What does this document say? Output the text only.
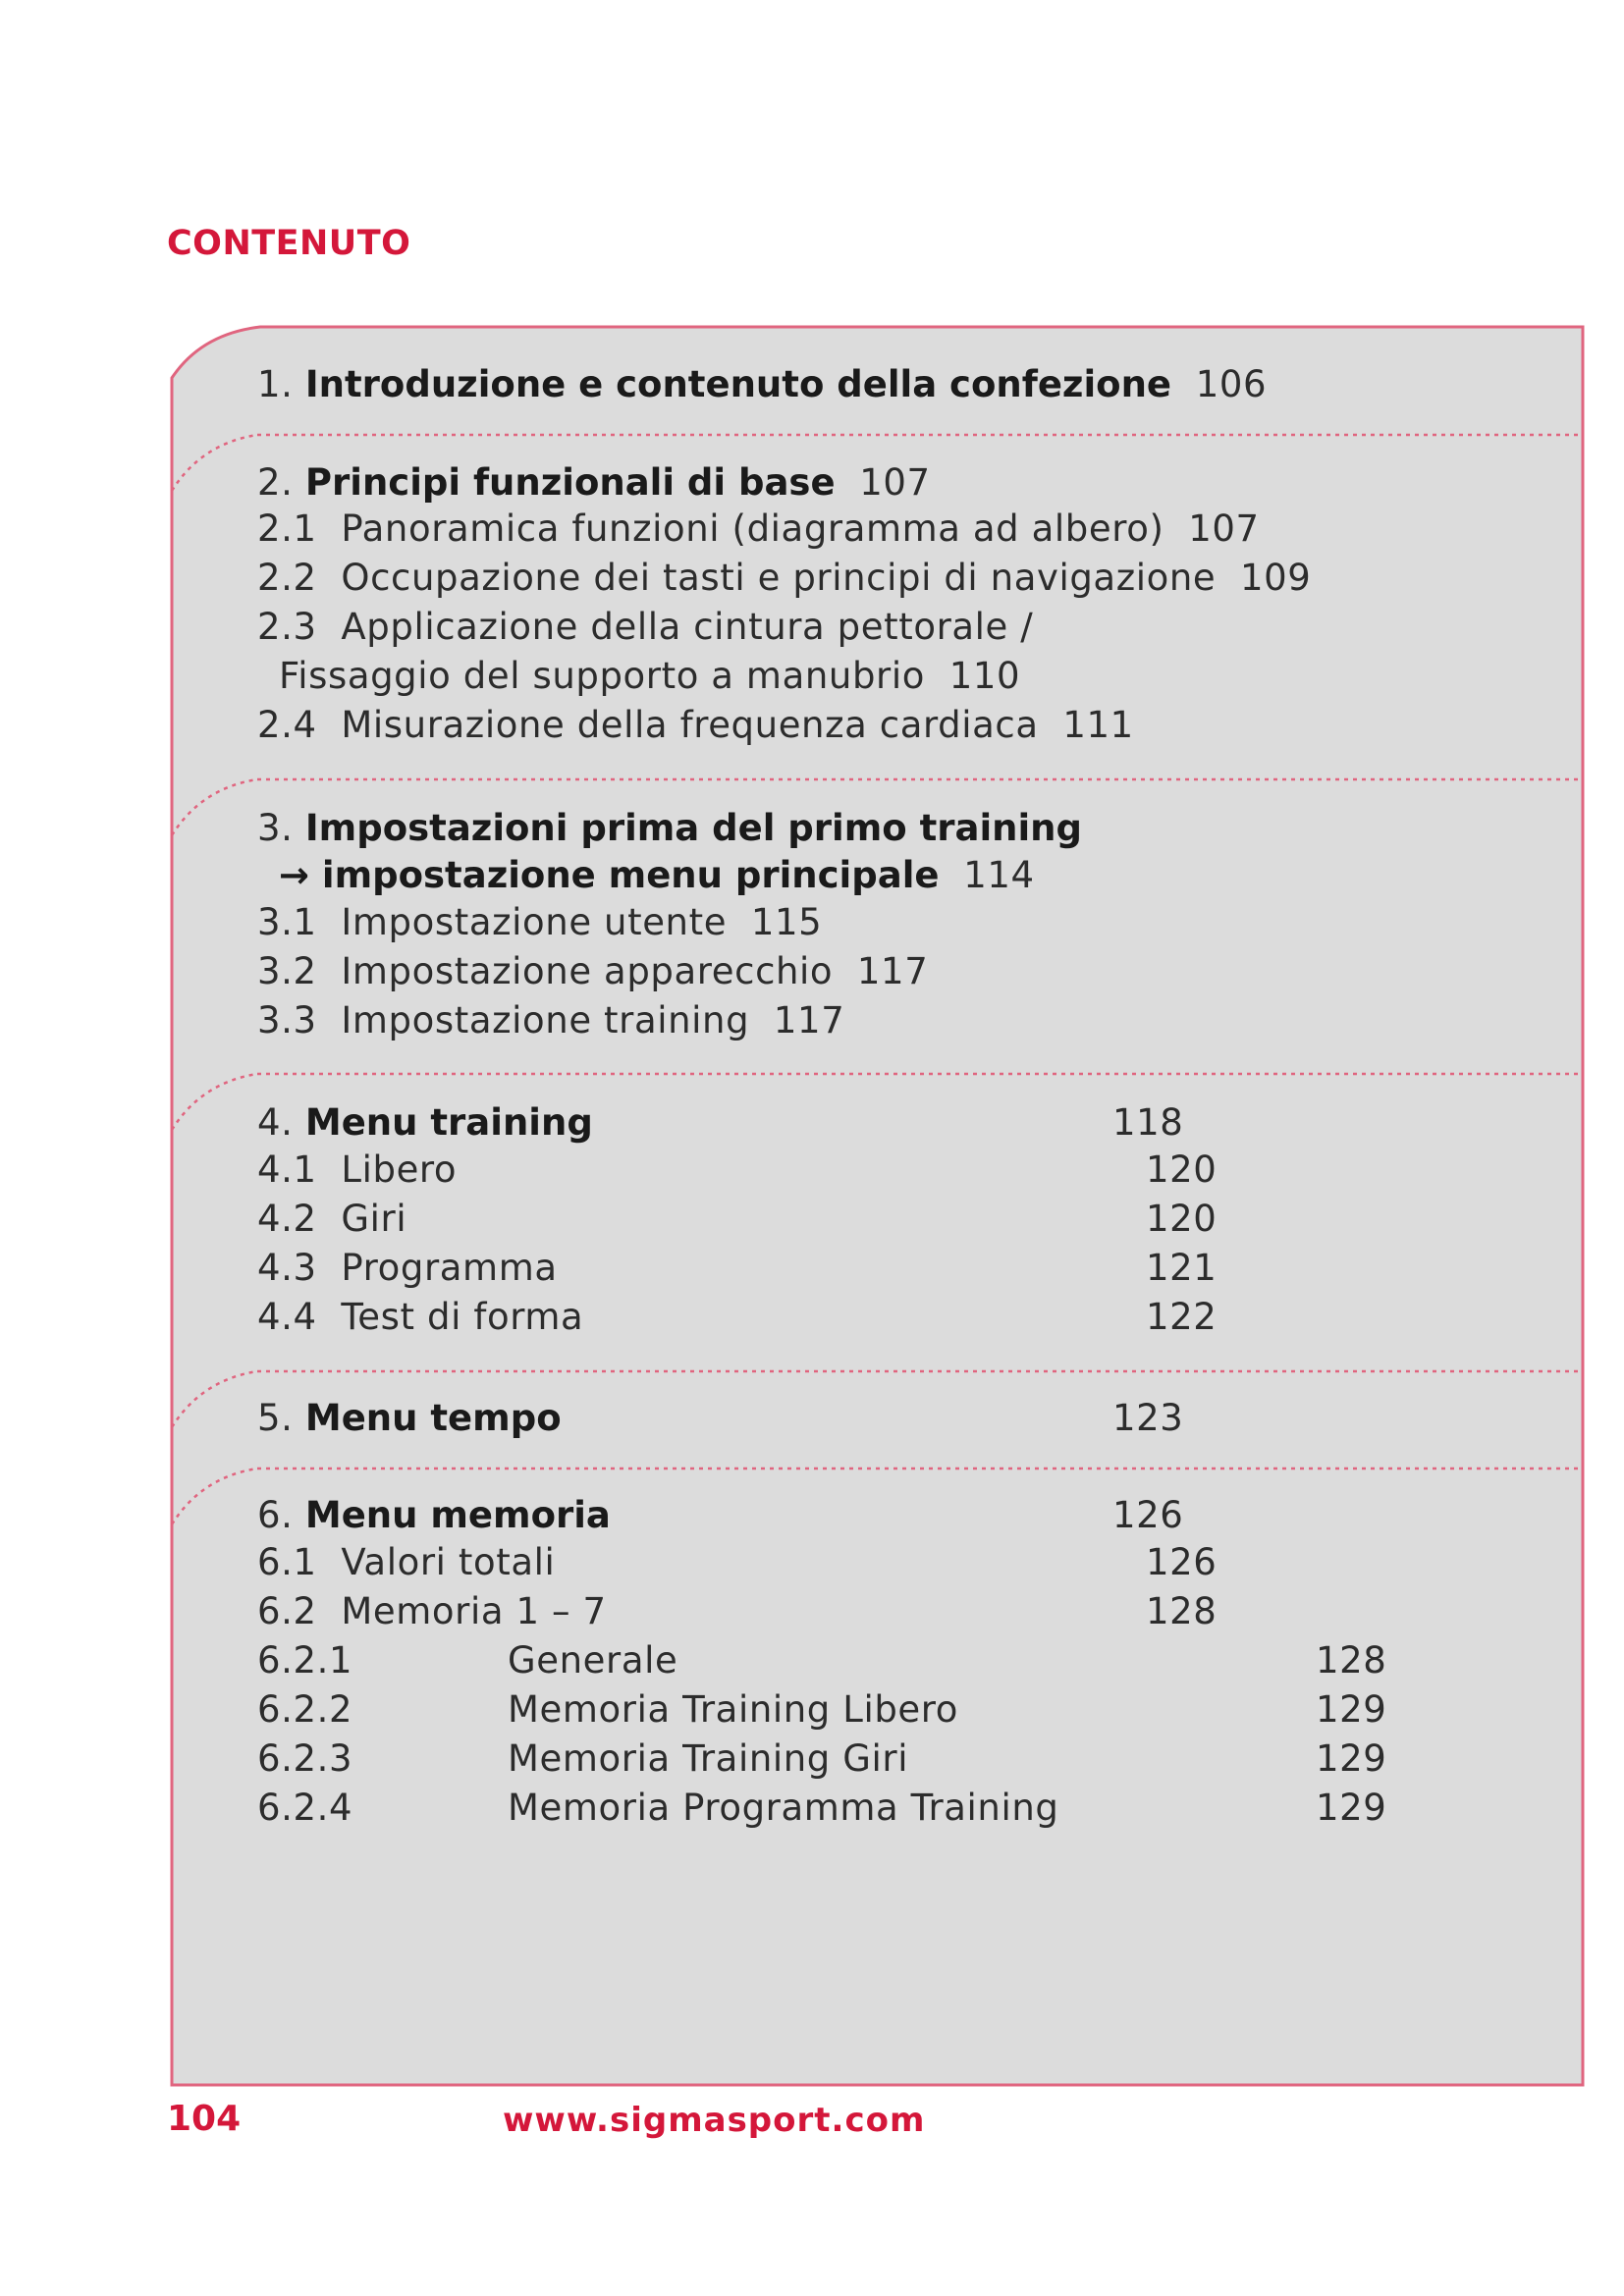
CONTENUTO
1. Introduzione e contenuto della confezione 106
2. Principi funzionali di base 107
2.1 Panoramica funzioni (diagramma ad albero) 107
2.2 Occupazione dei tasti e principi di navigazione 109
2.3 Applicazione della cintura pettorale /
Fissaggio del supporto a manubrio 110
2.4 Misurazione della frequenza cardiaca 111
3. Impostazioni prima del primo training
→ impostazione menu principale 114
3.1 Impostazione utente 115
3.2 Impostazione apparecchio 117
3.3 Impostazione training 117
4. Menu training	118
4.1 Libero	120
4.2 Giri	120
4.3 Programma	121
4.4 Test di forma	122
5. Menu tempo	123
6. Menu memoria	126
6.1 Valori totali	126
6.2 Memoria 1 – 7	128
6.2.1	Generale	128
6.2.2	Memoria Training Libero	129
6.2.3	Memoria Training Giri	129
6.2.4	Memoria Programma Training	129
104	www.sigmasport.com
